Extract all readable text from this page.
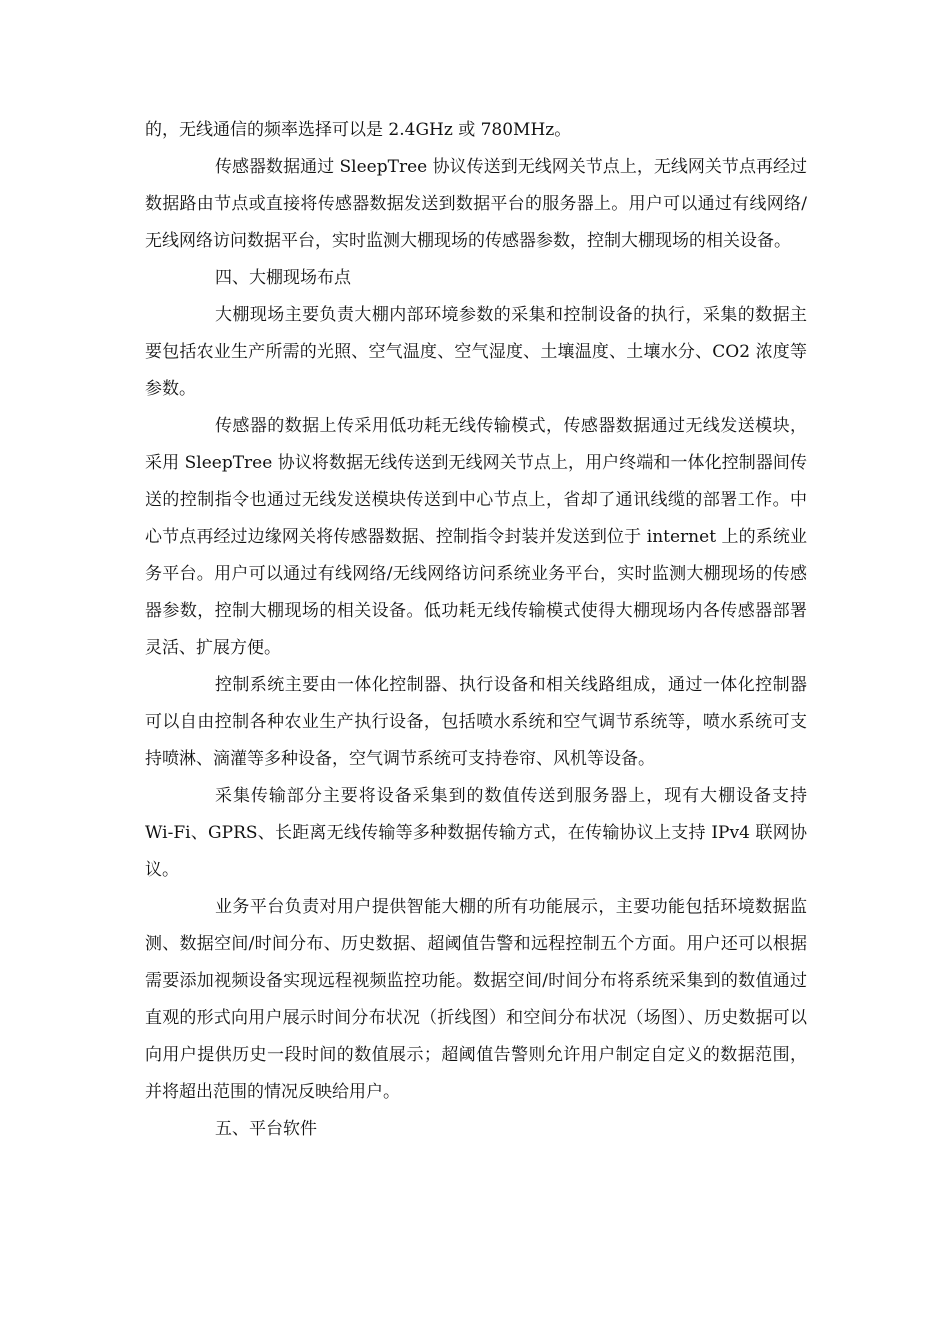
的，无线通信的频率选择可以是 2.4GHz 或 780MHz。

传感器数据通过 SleepTree 协议传送到无线网关节点上，无线网关节点再经过数据路由节点或直接将传感器数据发送到数据平台的服务器上。用户可以通过有线网络/无线网络访问数据平台，实时监测大棚现场的传感器参数，控制大棚现场的相关设备。

四、大棚现场布点

大棚现场主要负责大棚内部环境参数的采集和控制设备的执行，采集的数据主要包括农业生产所需的光照、空气温度、空气湿度、土壤温度、土壤水分、CO2 浓度等参数。

传感器的数据上传采用低功耗无线传输模式，传感器数据通过无线发送模块，采用 SleepTree 协议将数据无线传送到无线网关节点上，用户终端和一体化控制器间传送的控制指令也通过无线发送模块传送到中心节点上，省却了通讯线缆的部署工作。中心节点再经过边缘网关将传感器数据、控制指令封装并发送到位于 internet 上的系统业务平台。用户可以通过有线网络/无线网络访问系统业务平台，实时监测大棚现场的传感器参数，控制大棚现场的相关设备。低功耗无线传输模式使得大棚现场内各传感器部署灵活、扩展方便。

控制系统主要由一体化控制器、执行设备和相关线路组成，通过一体化控制器可以自由控制各种农业生产执行设备，包括喷水系统和空气调节系统等，喷水系统可支持喷淋、滴灌等多种设备，空气调节系统可支持卷帘、风机等设备。

采集传输部分主要将设备采集到的数值传送到服务器上，现有大棚设备支持 Wi-Fi、GPRS、长距离无线传输等多种数据传输方式，在传输协议上支持 IPv4 联网协议。

业务平台负责对用户提供智能大棚的所有功能展示，主要功能包括环境数据监测、数据空间/时间分布、历史数据、超阈值告警和远程控制五个方面。用户还可以根据需要添加视频设备实现远程视频监控功能。数据空间/时间分布将系统采集到的数值通过直观的形式向用户展示时间分布状况（折线图）和空间分布状况（场图）、历史数据可以向用户提供历史一段时间的数值展示；超阈值告警则允许用户制定自定义的数据范围，并将超出范围的情况反映给用户。

五、平台软件
